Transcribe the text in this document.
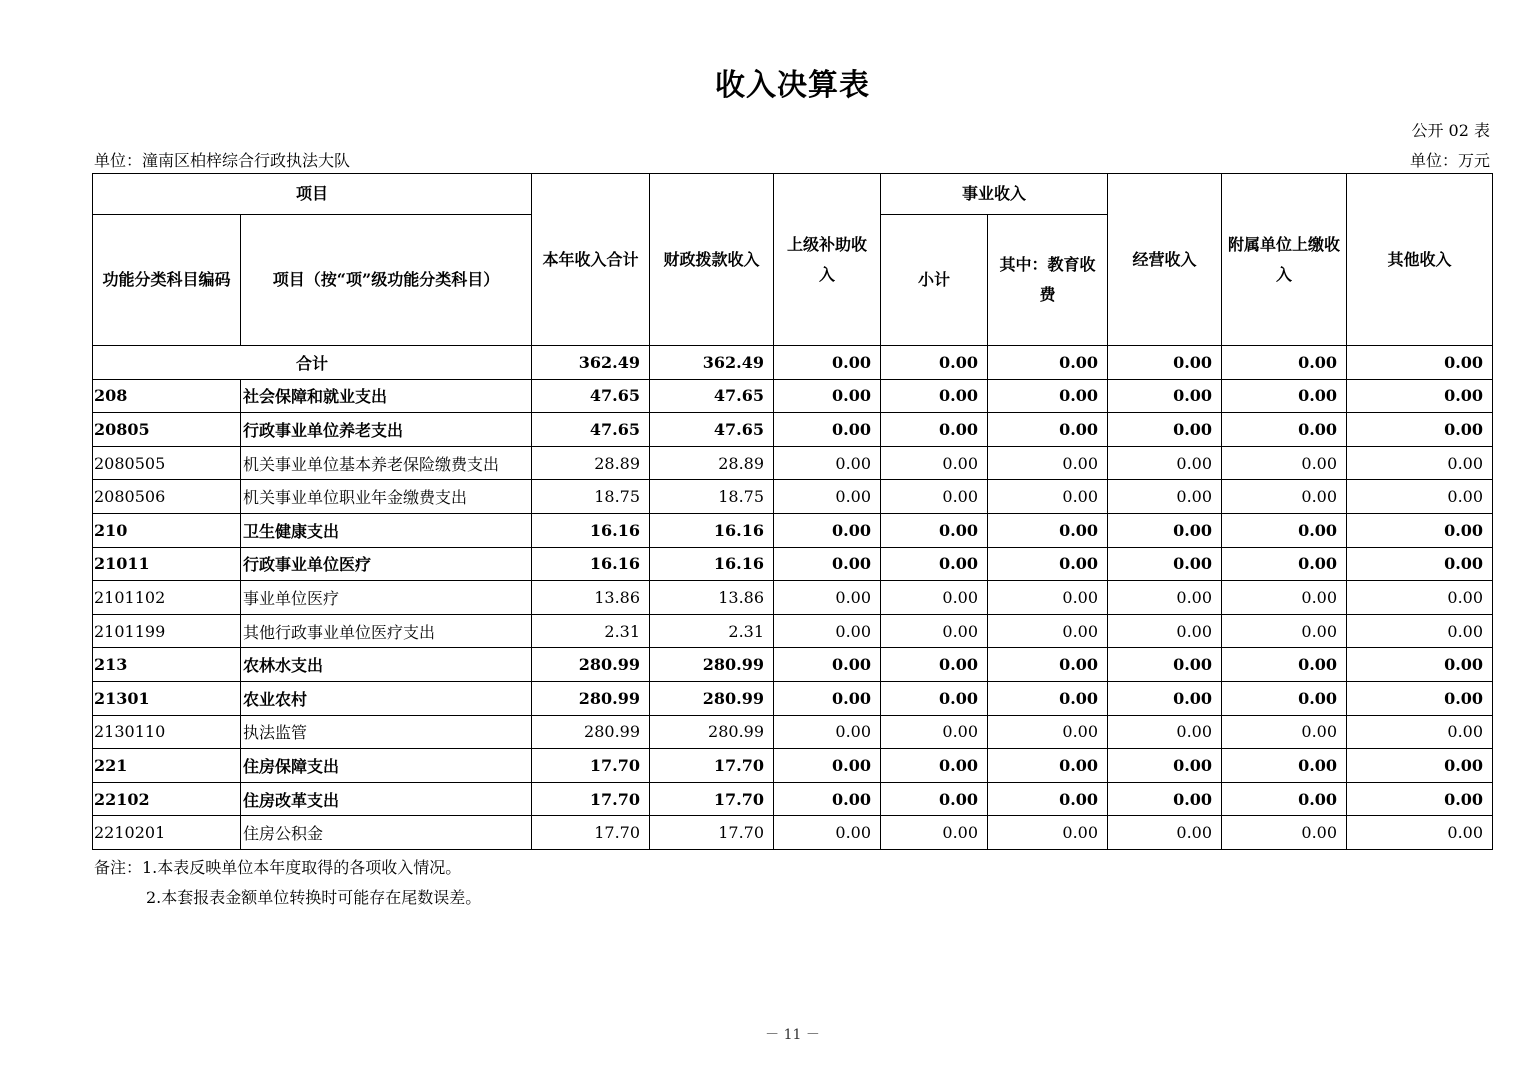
收入决算表
公开 02 表
单位：潼南区柏梓综合行政执法大队	单位：万元
项目		本年收入合计	财政拨款收入	上级补助收入	事业收入		经营收入	附属单位上缴收入	其他收入
功能分类科目编码	项目（按“项”级功能分类科目）				小计	其中：教育收费			
合计		362.49	362.49	0.00	0.00	0.00	0.00	0.00	0.00
208	社会保障和就业支出	47.65	47.65	0.00	0.00	0.00	0.00	0.00	0.00
20805	行政事业单位养老支出	47.65	47.65	0.00	0.00	0.00	0.00	0.00	0.00
2080505	机关事业单位基本养老保险缴费支出	28.89	28.89	0.00	0.00	0.00	0.00	0.00	0.00
2080506	机关事业单位职业年金缴费支出	18.75	18.75	0.00	0.00	0.00	0.00	0.00	0.00
210	卫生健康支出	16.16	16.16	0.00	0.00	0.00	0.00	0.00	0.00
21011	行政事业单位医疗	16.16	16.16	0.00	0.00	0.00	0.00	0.00	0.00
2101102	事业单位医疗	13.86	13.86	0.00	0.00	0.00	0.00	0.00	0.00
2101199	其他行政事业单位医疗支出	2.31	2.31	0.00	0.00	0.00	0.00	0.00	0.00
213	农林水支出	280.99	280.99	0.00	0.00	0.00	0.00	0.00	0.00
21301	农业农村	280.99	280.99	0.00	0.00	0.00	0.00	0.00	0.00
2130110	执法监管	280.99	280.99	0.00	0.00	0.00	0.00	0.00	0.00
221	住房保障支出	17.70	17.70	0.00	0.00	0.00	0.00	0.00	0.00
22102	住房改革支出	17.70	17.70	0.00	0.00	0.00	0.00	0.00	0.00
2210201	住房公积金	17.70	17.70	0.00	0.00	0.00	0.00	0.00	0.00
备注：1.本表反映单位本年度取得的各项收入情况。
2.本套报表金额单位转换时可能存在尾数误差。
－ 11 －
